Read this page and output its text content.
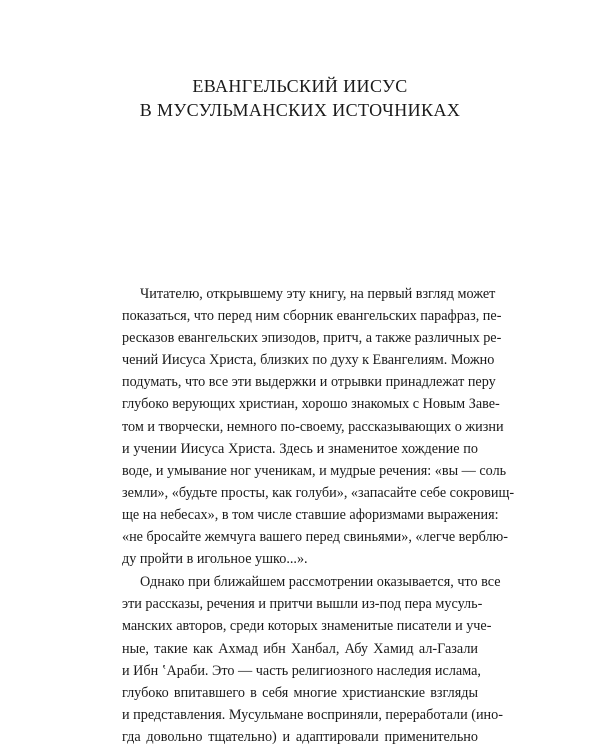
ЕВАНГЕЛЬСКИЙ ИИСУС
В МУСУЛЬМАНСКИХ ИСТОЧНИКАХ

Читателю, открывшему эту книгу, на первый взгляд может
показаться, что перед ним сборник евангельских парафраз, пе-
ресказов евангельских эпизодов, притч, а также различных ре-
чений Иисуса Христа, близких по духу к Евангелиям. Можно
подумать, что все эти выдержки и отрывки принадлежат перу
глубоко верующих христиан, хорошо знакомых с Новым Заве-
том и творчески, немного по-своему, рассказывающих о жизни
и учении Иисуса Христа. Здесь и знаменитое хождение по
воде, и умывание ног ученикам, и мудрые речения: «вы — соль
земли», «будьте просты, как голуби», «запасайте себе сокровищ-
ще на небесах», в том числе ставшие афоризмами выражения:
«не бросайте жемчуга вашего перед свиньями», «легче верблю-
ду пройти в игольное ушко...».

Однако при ближайшем рассмотрении оказывается, что все
эти рассказы, речения и притчи вышли из-под пера мусуль-
манских авторов, среди которых знаменитые писатели и уче-
ные, такие как Ахмад ибн Ханбал, Абу Хамид ал-Газали
и Ибн ʽАраби. Это — часть религиозного наследия ислама,
глубоко впитавшего в себя многие христианские взгляды
и представления. Мусульмане восприняли, переработали (ино-
гда довольно тщательно) и адаптировали применительно
